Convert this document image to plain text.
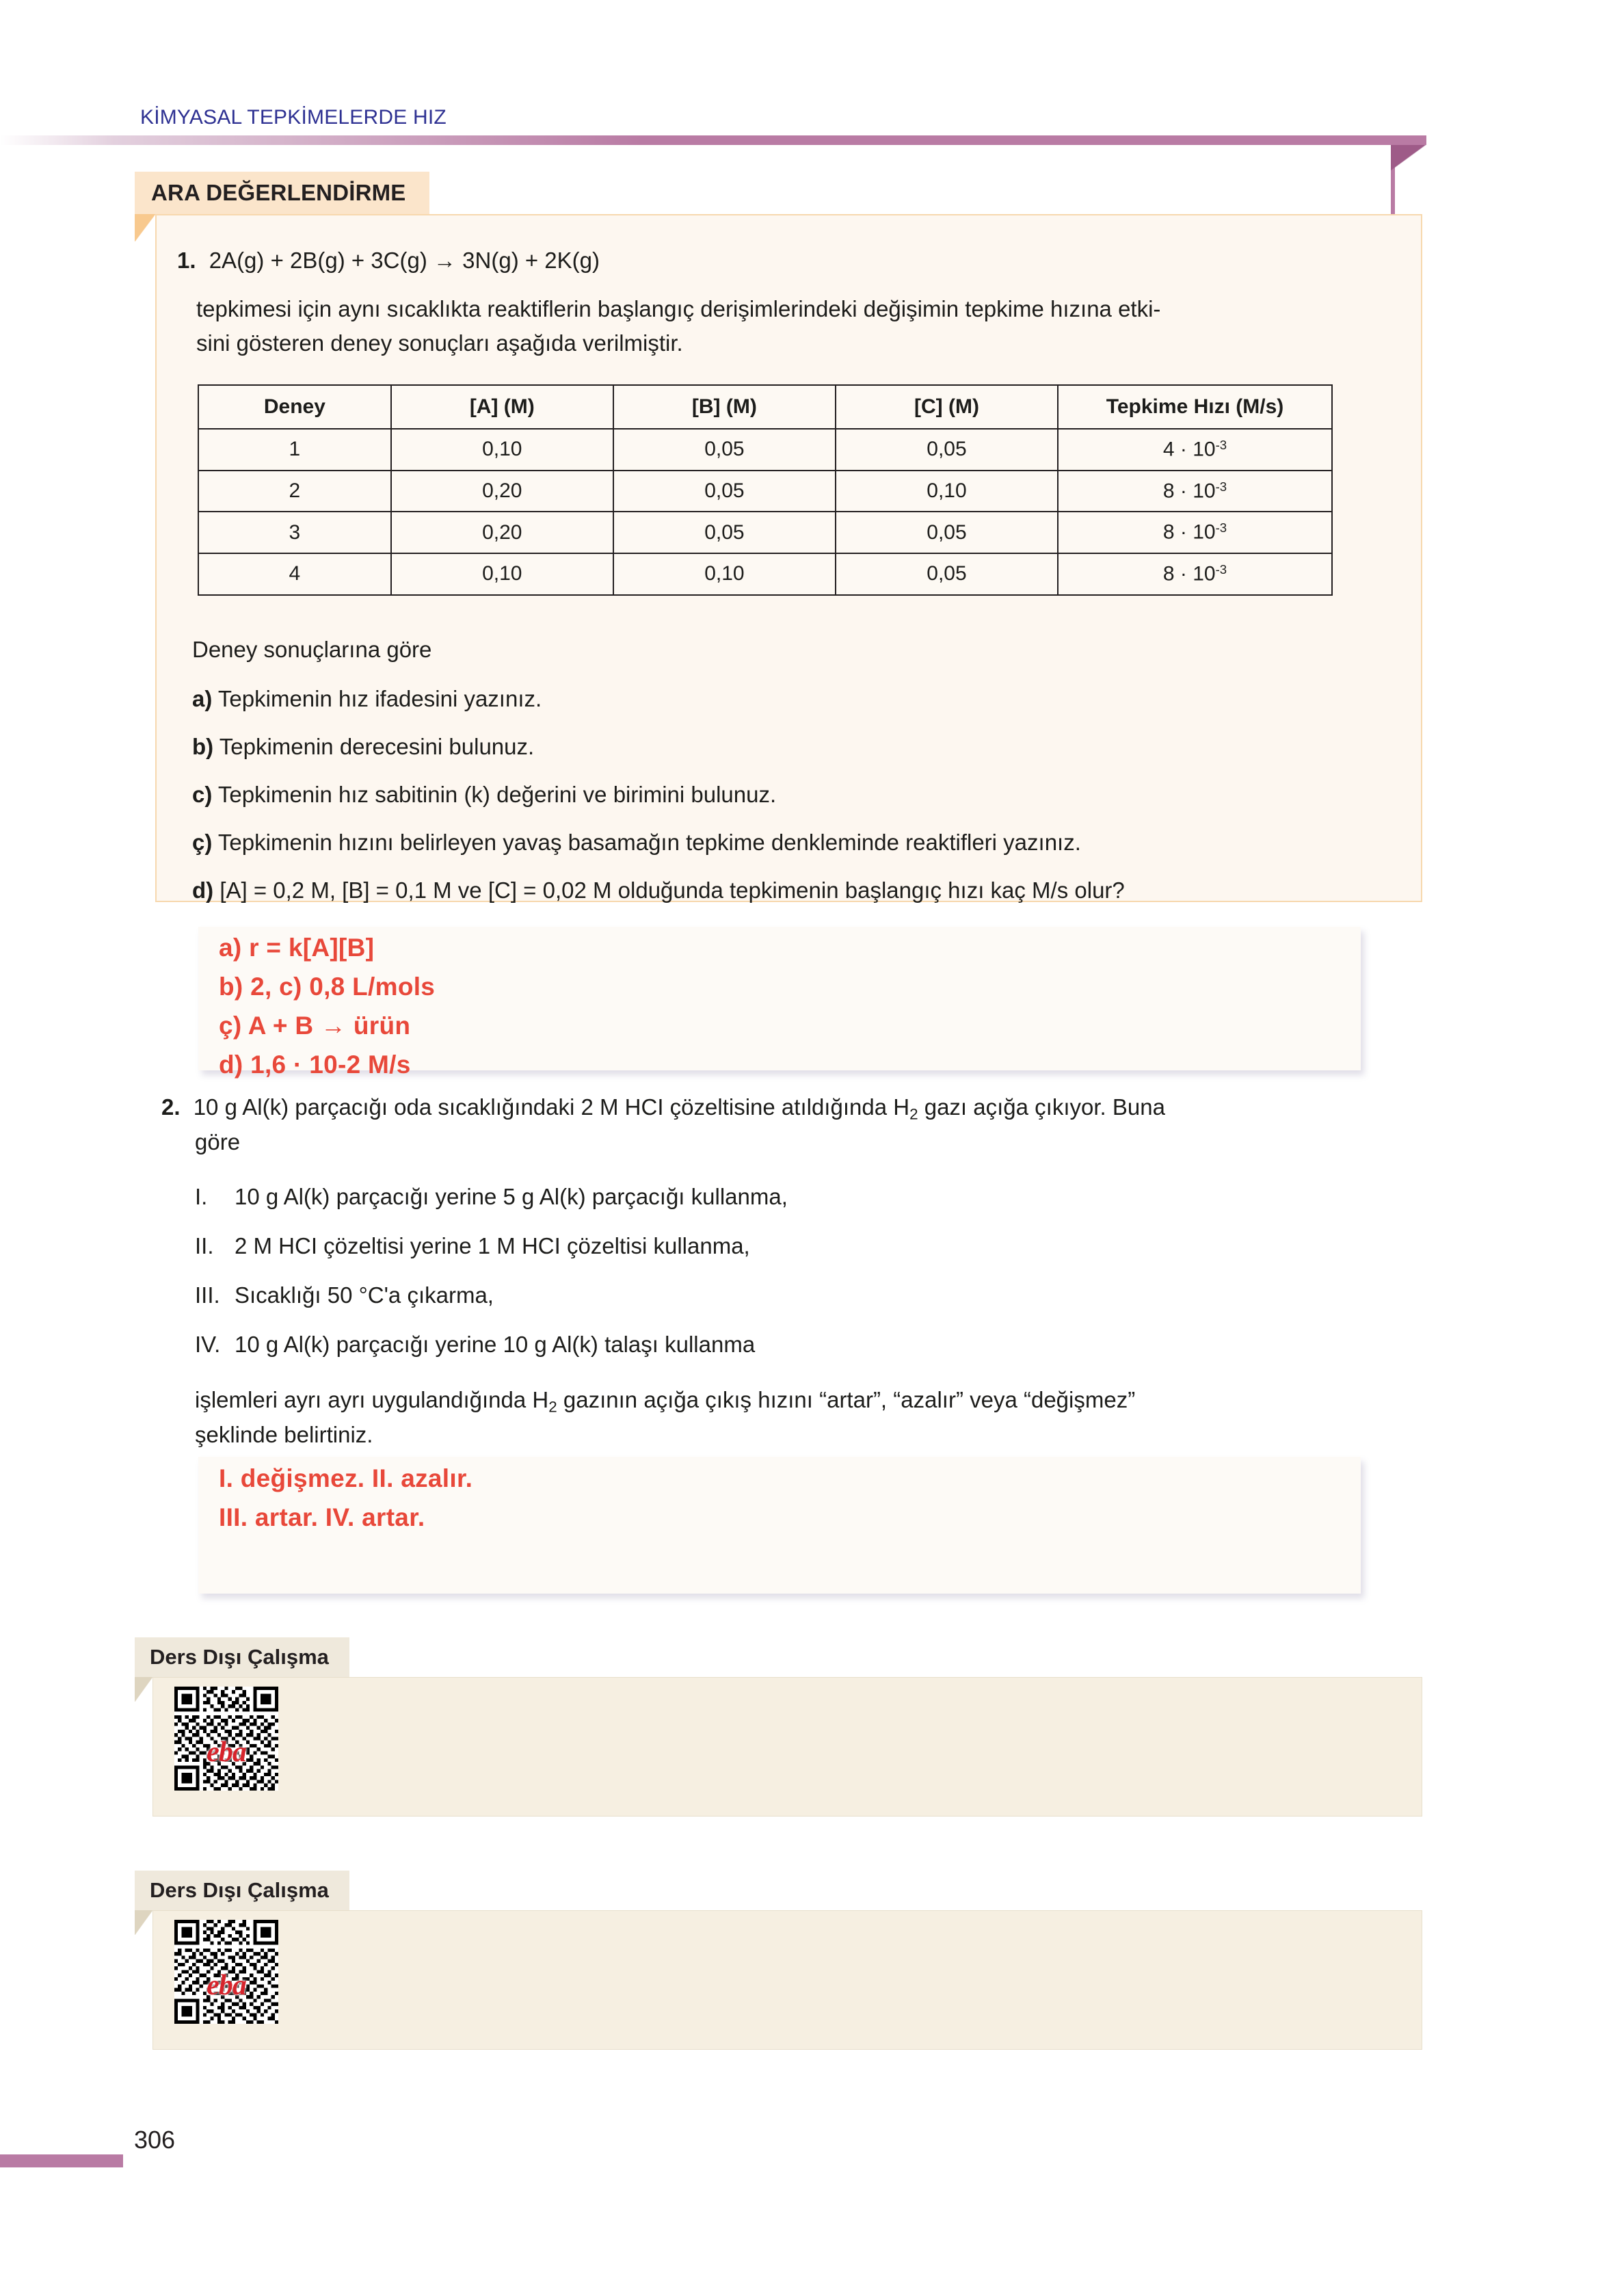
KİMYASAL TEPKİMELERDE HIZ
ARA DEĞERLENDİRME
1. 2A(g) + 2B(g) + 3C(g) → 3N(g) + 2K(g)
tepkimesi için aynı sıcaklıkta reaktiflerin başlangıç derişimlerindeki değişimin tepkime hızına etki-
sini gösteren deney sonuçları aşağıda verilmiştir.
Deney	[A] (M)	[B] (M)	[C] (M)	Tepkime Hızı (M/s)
1	0,10	0,05	0,05	$4 \cdot 10^{-3}$
2	0,20	0,05	0,10	$8 \cdot 10^{-3}$
3	0,20	0,05	0,05	$8 \cdot 10^{-3}$
4	0,10	0,10	0,05	$8 \cdot 10^{-3}$
Deney sonuçlarına göre
a) Tepkimenin hız ifadesini yazınız.
b) Tepkimenin derecesini bulunuz.
c) Tepkimenin hız sabitinin (k) değerini ve birimini bulunuz.
ç) Tepkimenin hızını belirleyen yavaş basamağın tepkime denkleminde reaktifleri yazınız.
d) [A] = 0,2 M, [B] = 0,1 M ve [C] = 0,02 M olduğunda tepkimenin başlangıç hızı kaç M/s olur?
a) r = k[A][B]
b) 2, c) 0,8 L/mols
ç) A + B → ürün
d) 1,6 · 10-2 M/s
2. 10 g Al(k) parçacığı oda sıcaklığındaki 2 M HCI çözeltisine atıldığında $H_2$ gazı açığa çıkıyor. Buna
göre
I. 10 g Al(k) parçacığı yerine 5 g Al(k) parçacığı kullanma,
II. 2 M HCI çözeltisi yerine 1 M HCI çözeltisi kullanma,
III. Sıcaklığı 50 °C'a çıkarma,
IV. 10 g Al(k) parçacığı yerine 10 g Al(k) talaşı kullanma
işlemleri ayrı ayrı uygulandığında $H_2$ gazının açığa çıkış hızını “artar”, “azalır” veya “değişmez”
şeklinde belirtiniz.
I. değişmez. II. azalır.
III. artar. IV. artar.
Ders Dışı Çalışma
eba
Ders Dışı Çalışma
eba
306
